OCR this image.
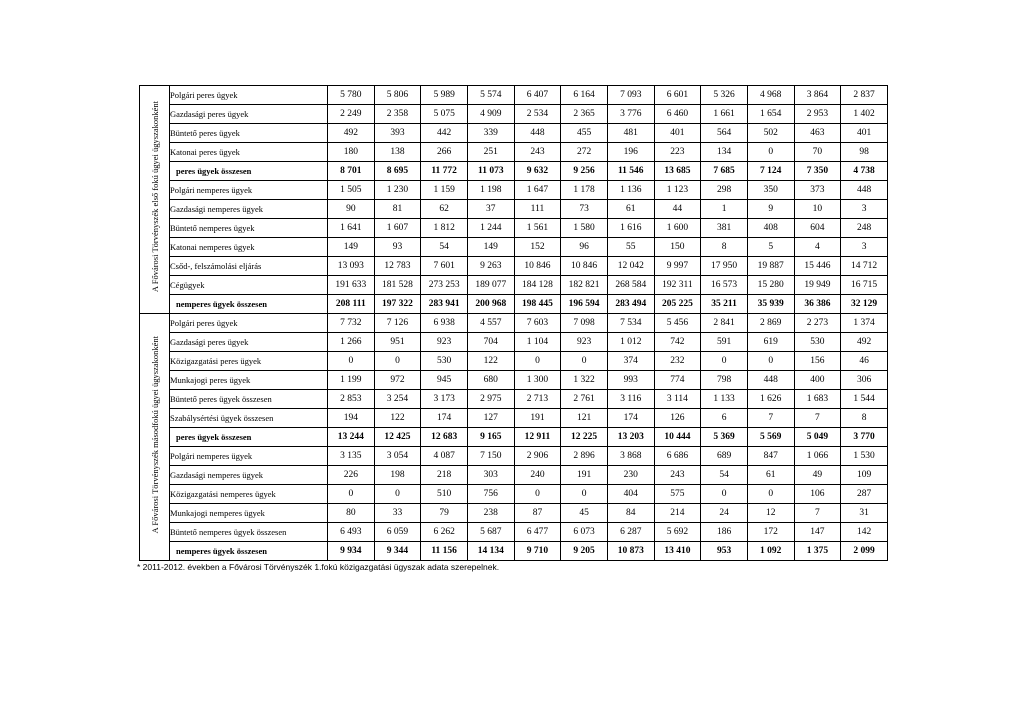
A Fővárosi Törvényszék első fokú ügyei ügyszakonként	Polgári peres ügyek	5 780	5 806	5 989	5 574	6 407	6 164	7 093	6 601	5 326	4 968	3 864	2 837
	Gazdasági peres ügyek	2 249	2 358	5 075	4 909	2 534	2 365	3 776	6 460	1 661	1 654	2 953	1 402
	Büntető peres ügyek	492	393	442	339	448	455	481	401	564	502	463	401
	Katonai peres ügyek	180	138	266	251	243	272	196	223	134	0	70	98
	peres ügyek összesen	8 701	8 695	11 772	11 073	9 632	9 256	11 546	13 685	7 685	7 124	7 350	4 738
	Polgári nemperes ügyek	1 505	1 230	1 159	1 198	1 647	1 178	1 136	1 123	298	350	373	448
	Gazdasági nemperes ügyek	90	81	62	37	111	73	61	44	1	9	10	3
	Büntető nemperes ügyek	1 641	1 607	1 812	1 244	1 561	1 580	1 616	1 600	381	408	604	248
	Katonai nemperes ügyek	149	93	54	149	152	96	55	150	8	5	4	3
	Csőd-, felszámolási eljárás	13 093	12 783	7 601	9 263	10 846	10 846	12 042	9 997	17 950	19 887	15 446	14 712
	Cégügyek	191 633	181 528	273 253	189 077	184 128	182 821	268 584	192 311	16 573	15 280	19 949	16 715
	nemperes ügyek összesen	208 111	197 322	283 941	200 968	198 445	196 594	283 494	205 225	35 211	35 939	36 386	32 129
A Fővárosi Törvényszék másodfokú ügyei ügyszakonként	Polgári peres ügyek	7 732	7 126	6 938	4 557	7 603	7 098	7 534	5 456	2 841	2 869	2 273	1 374
	Gazdasági peres ügyek	1 266	951	923	704	1 104	923	1 012	742	591	619	530	492
	Közigazgatási peres ügyek	0	0	530	122	0	0	374	232	0	0	156	46
	Munkajogi peres ügyek	1 199	972	945	680	1 300	1 322	993	774	798	448	400	306
	Büntető peres ügyek összesen	2 853	3 254	3 173	2 975	2 713	2 761	3 116	3 114	1 133	1 626	1 683	1 544
	Szabálysértési ügyek összesen	194	122	174	127	191	121	174	126	6	7	7	8
	peres ügyek összesen	13 244	12 425	12 683	9 165	12 911	12 225	13 203	10 444	5 369	5 569	5 049	3 770
	Polgári nemperes ügyek	3 135	3 054	4 087	7 150	2 906	2 896	3 868	6 686	689	847	1 066	1 530
	Gazdasági nemperes ügyek	226	198	218	303	240	191	230	243	54	61	49	109
	Közigazgatási nemperes ügyek	0	0	510	756	0	0	404	575	0	0	106	287
	Munkajogi nemperes ügyek	80	33	79	238	87	45	84	214	24	12	7	31
	Büntető nemperes ügyek összesen	6 493	6 059	6 262	5 687	6 477	6 073	6 287	5 692	186	172	147	142
	nemperes ügyek összesen	9 934	9 344	11 156	14 134	9 710	9 205	10 873	13 410	953	1 092	1 375	2 099
* 2011-2012. években a Fővárosi Törvényszék 1.fokú közigazgatási ügyszak adata szerepelnek.
